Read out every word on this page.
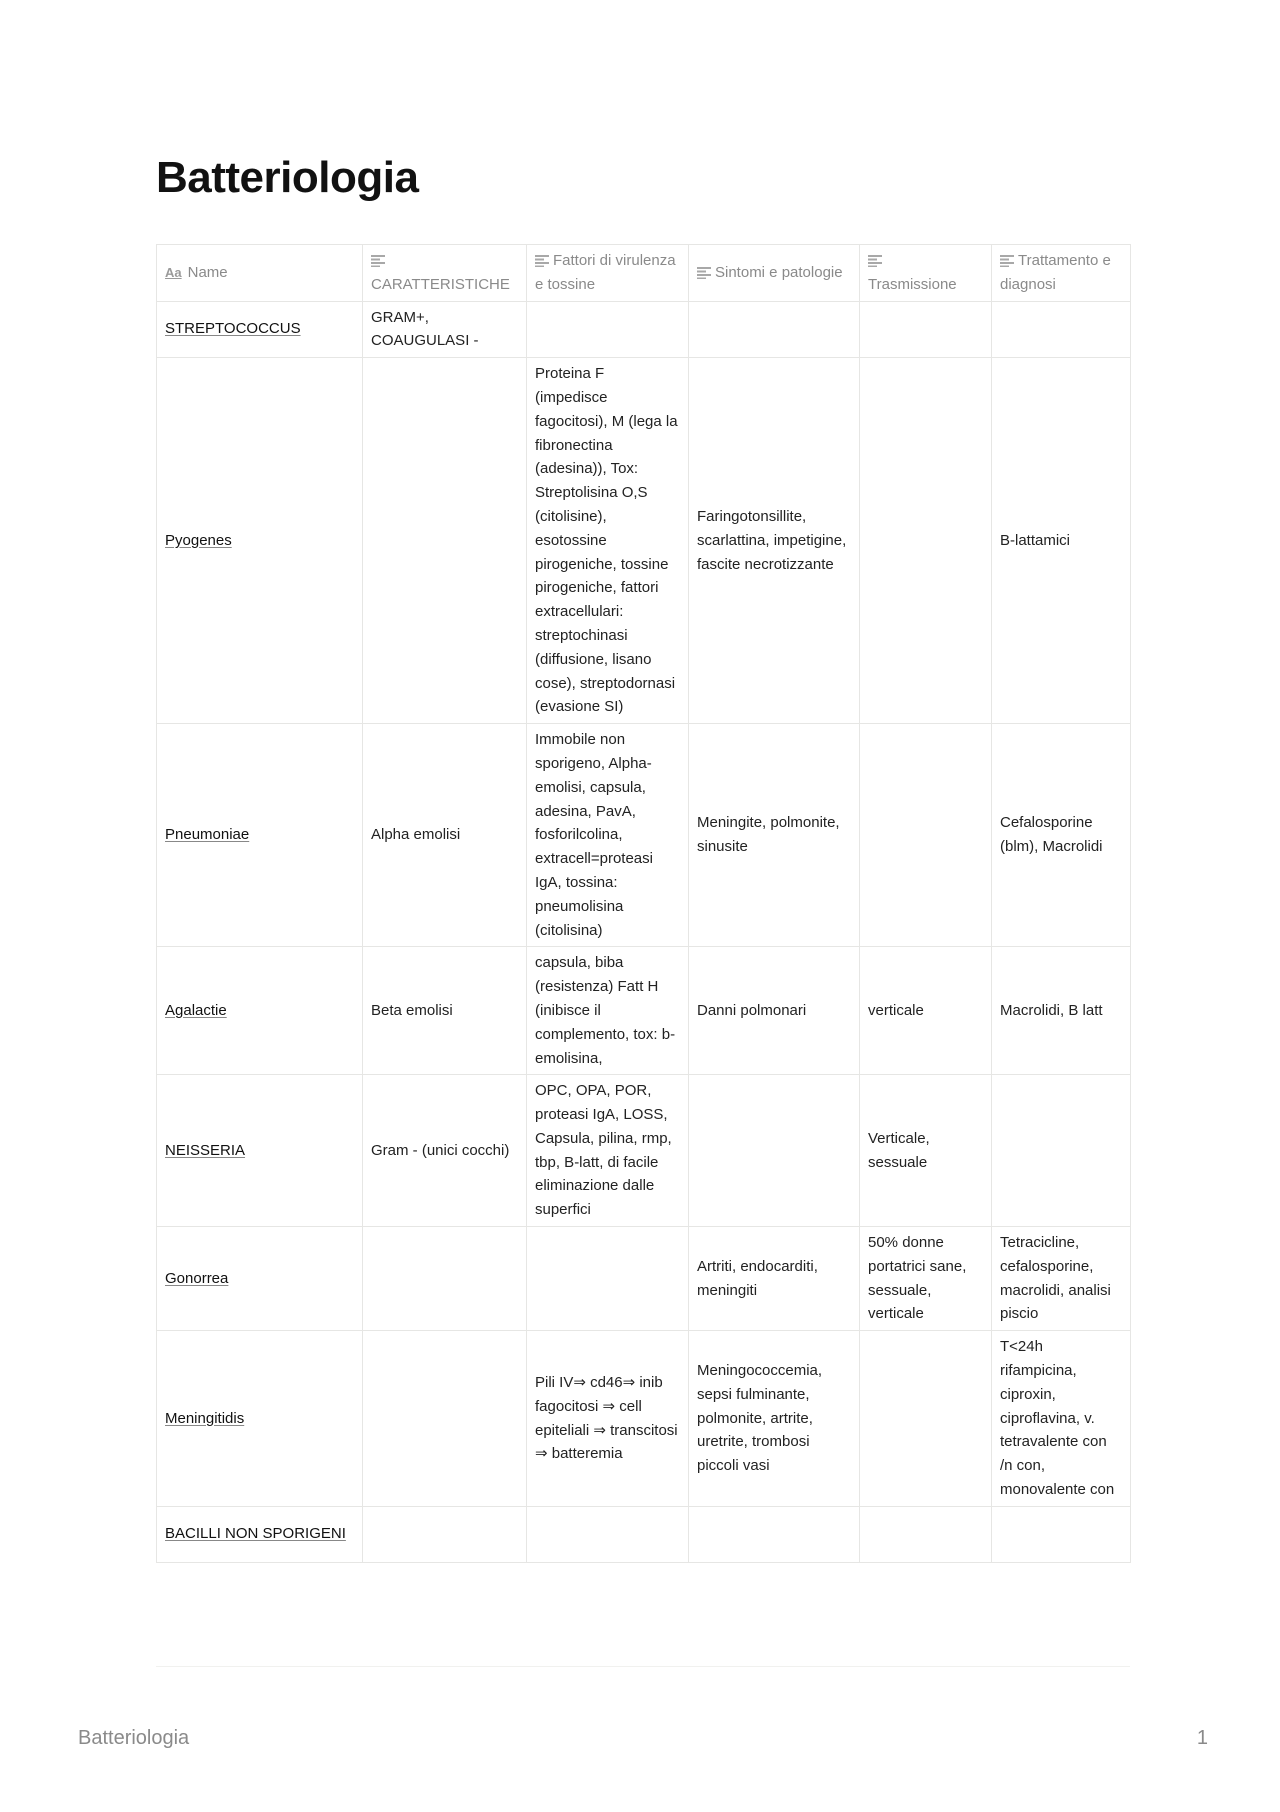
Batteriologia
Aa Name	CARATTERISTICHE	Fattori di virulenza e tossine	Sintomi e patologie	Trasmissione	Trattamento e diagnosi
STREPTOCOCCUS	GRAM+, COAUGULASI -				
Pyogenes		Proteina F (impedisce fagocitosi), M (lega la fibronectina (adesina)), Tox: Streptolisina O,S (citolisine), esotossine pirogeniche, tossine pirogeniche, fattori extracellulari: streptochinasi (diffusione, lisano cose), streptodornasi (evasione SI)	Faringotonsillite, scarlattina, impetigine, fascite necrotizzante		B-lattamici
Pneumoniae	Alpha emolisi	Immobile non sporigeno, Alpha-emolisi, capsula, adesina, PavA, fosforilcolina, extracell=proteasi IgA, tossina: pneumolisina (citolisina)	Meningite, polmonite, sinusite		Cefalosporine (blm), Macrolidi
Agalactie	Beta emolisi	capsula, biba (resistenza) Fatt H (inibisce il complemento, tox: b-emolisina,	Danni polmonari	verticale	Macrolidi, B latt
NEISSERIA	Gram - (unici cocchi)	OPC, OPA, POR, proteasi IgA, LOSS, Capsula, pilina, rmp, tbp, B-latt, di facile eliminazione dalle superfici		Verticale, sessuale	
Gonorrea			Artriti, endocarditi, meningiti	50% donne portatrici sane, sessuale, verticale	Tetracicline, cefalosporine, macrolidi, analisi piscio
Meningitidis		Pili IV⇒ cd46⇒ inib fagocitosi ⇒ cell epiteliali ⇒ transcitosi ⇒ batteremia	Meningococcemia, sepsi fulminante, polmonite, artrite, uretrite, trombosi piccoli vasi		T<24h rifampicina, ciproxin, ciproflavina, v. tetravalente con /n con, monovalente con
BACILLI NON SPORIGENI					
Batteriologia	1
